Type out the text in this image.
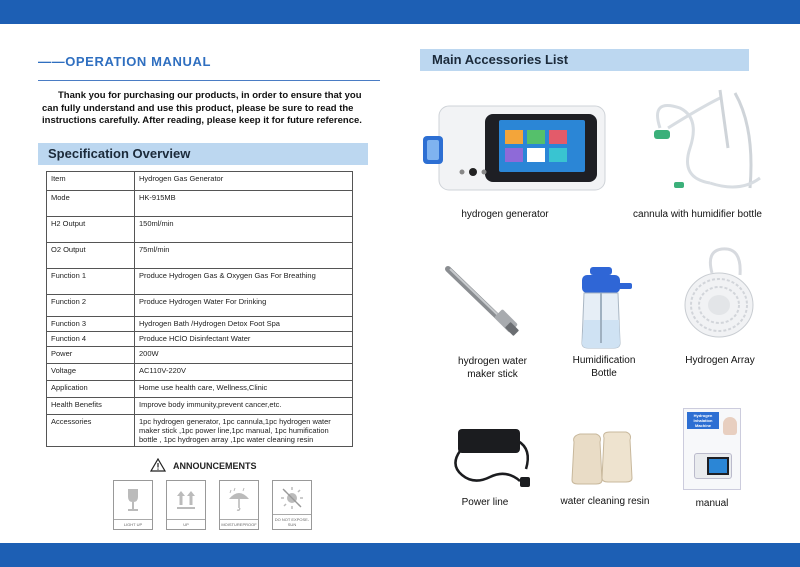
——OPERATION MANUAL
Thank you for purchasing our products, in order to ensure that you can fully understand and use this product, please be sure to read the instructions carefully. After reading, please keep it for future reference.
Specification Overview
Item	Hydrogen Gas Generator
Mode	HK-915MB
H2 Output	150ml/min
O2 Output	75ml/min
Function 1	Produce Hydrogen Gas & Oxygen Gas For Breathing
Function 2	Produce Hydrogen Water For Drinking
Function 3	Hydrogen Bath /Hydrogen Detox Foot Spa
Function 4	Produce HClO Disinfectant Water
Power	200W
Voltage	AC110V-220V
Application	Home use health care, Wellness,Clinic
Health Benefits	Improve body immunity,prevent cancer,etc.
Accessories	1pc hydrogen generator, 1pc cannula,1pc hydrogen water maker stick ,1pc power line,1pc manual, 1pc humification bottle , 1pc hydrogen array ,1pc water cleaning resin
ANNOUNCEMENTS
LIGHT UP	UP	MOISTUREPROOF
DO NOT EXPOSE-SUN
Main Accessories List
hydrogen generator	cannula with humidifier bottle
hydrogen water maker stick
Humidification Bottle
Hydrogen Array
Power line	water cleaning resin
Hydrogen Inhalation Machine
manual
